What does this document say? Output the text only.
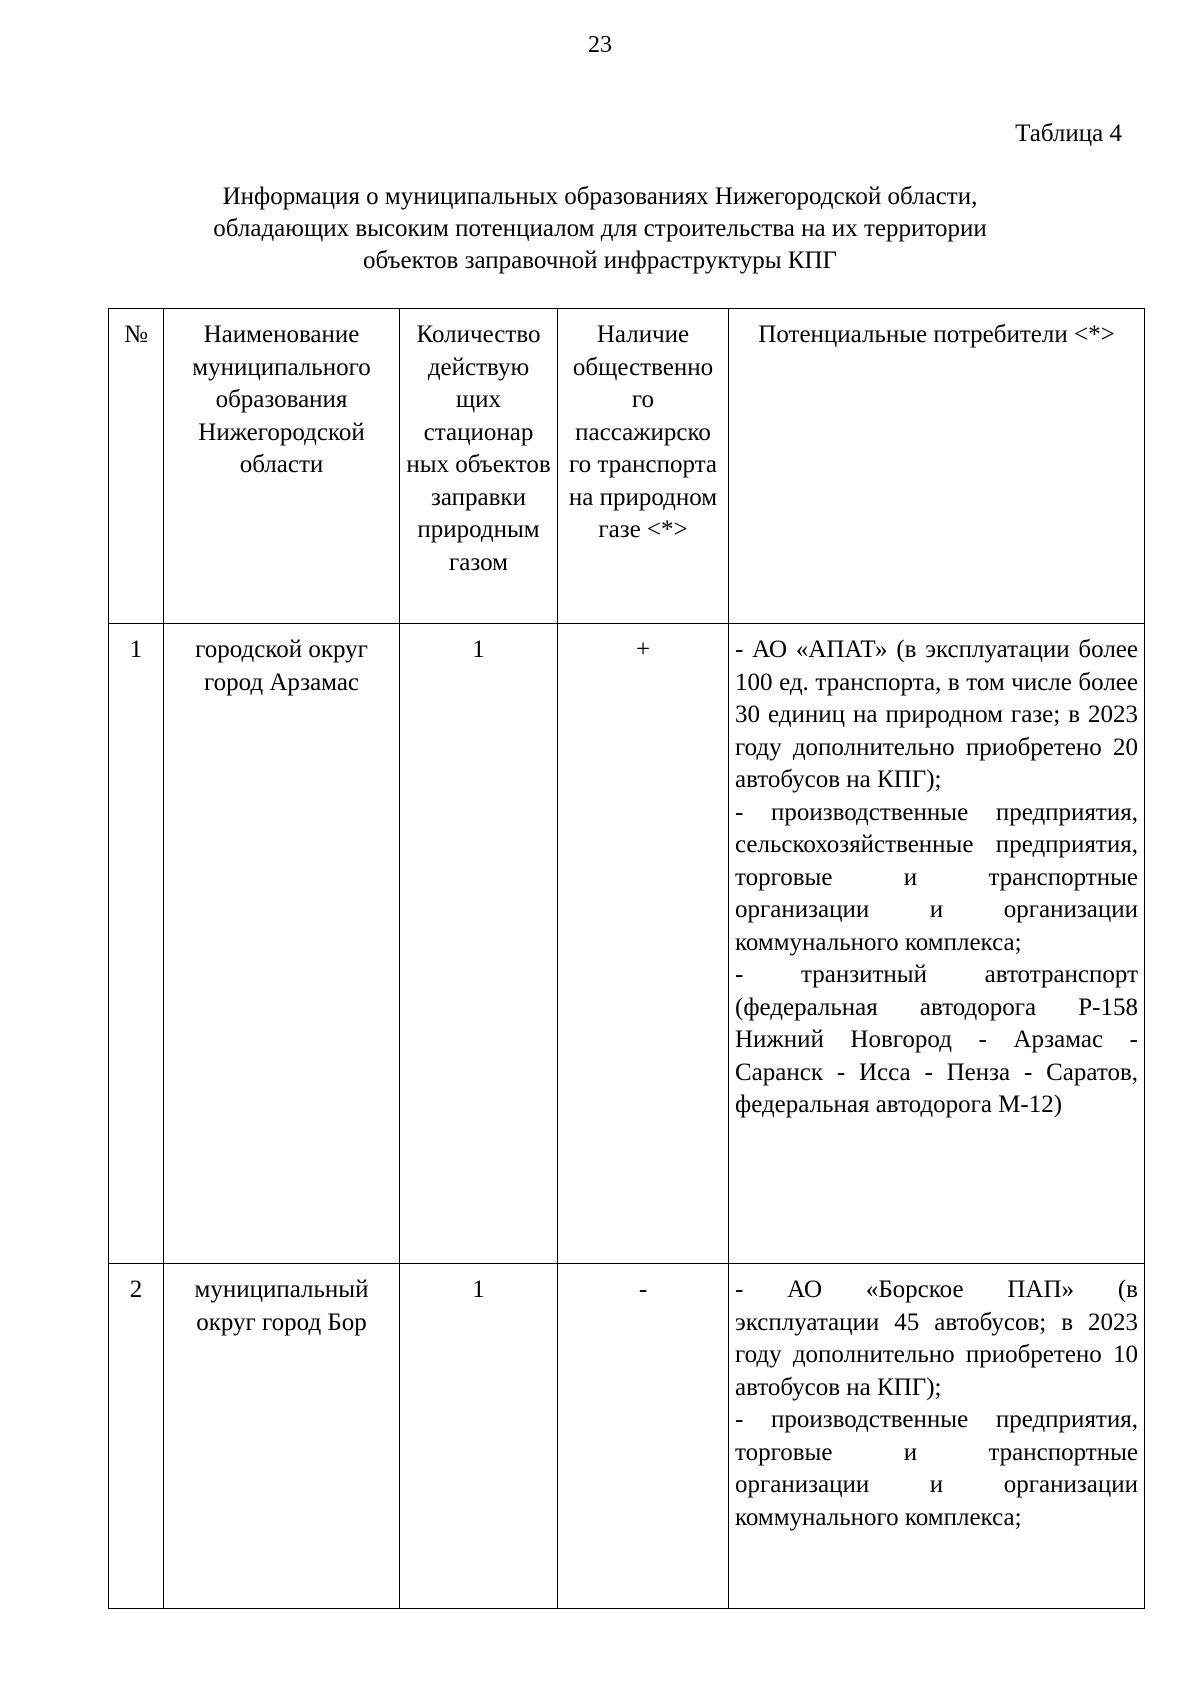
23
Таблица 4
Информация о муниципальных образованиях Нижегородской области,
обладающих высоким потенциалом для строительства на их территории
объектов заправочной инфраструктуры КПГ
№	Наименование муниципального образования Нижегородской области	Количество действую щих стационар ных объектов заправки природным газом	Наличие общественно го пассажирско го транспорта на природном газе <*>	Потенциальные потребители <*>
1	городской округ город Арзамас	1	+	- АО «АПАТ» (в эксплуатации более 100 ед. транспорта, в том числе более 30 единиц на природном газе; в 2023 году дополнительно приобретено 20 автобусов на КПГ);

- производственные предприятия, сельскохозяйственные предприятия, торговые и транспортные организации и организации коммунального комплекса;

- транзитный автотранспорт (федеральная автодорога Р-158 Нижний Новгород - Арзамас - Саранск - Исса - Пенза - Саратов, федеральная автодорога М-12)

2	муниципальный округ город Бор	1	-	- АО «Борское ПАП» (в эксплуатации 45 автобусов; в 2023 году дополнительно приобретено 10 автобусов на КПГ);

- производственные предприятия, торговые и транспортные организации и организации коммунального комплекса;
